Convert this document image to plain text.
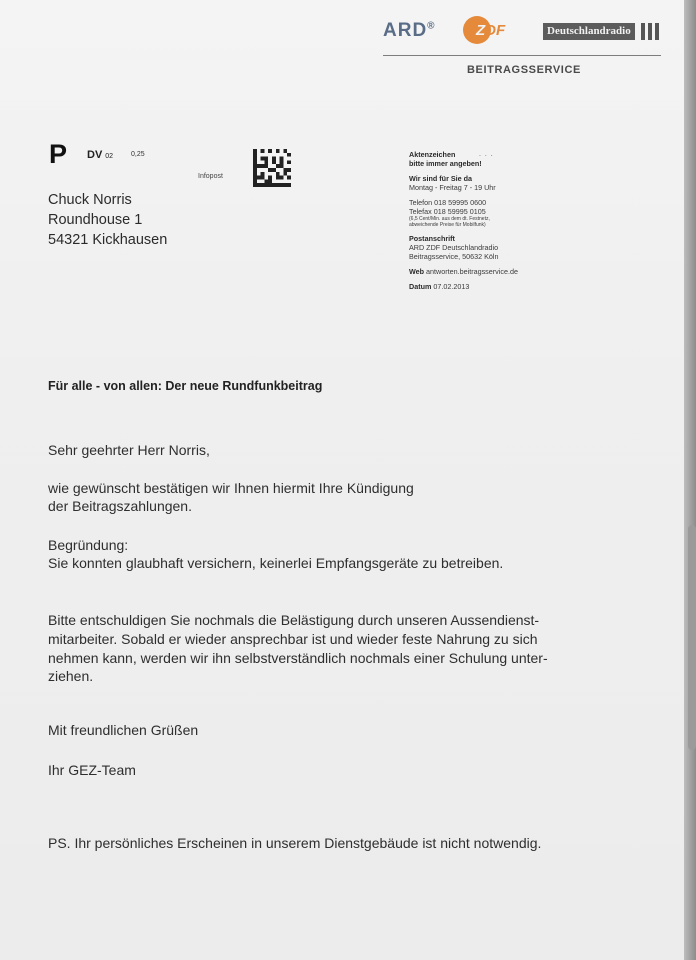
ARD®	ZDF	Deutschlandradio
BEITRAGSSERVICE
P DV 02	0,25
Infopost
Chuck Norris
Roundhouse 1
54321 Kickhausen
. . .
Aktenzeichen
bitte immer angeben!
Wir sind für Sie da
Montag - Freitag 7 - 19 Uhr
Telefon 018 59995 0600
Telefax 018 59995 0105
(6,5 Cent/Min. aus dem dt. Festnetz,
abweichende Preise für Mobilfunk)
Postanschrift
ARD ZDF Deutschlandradio
Beitragsservice, 50632 Köln
Web antworten.beitragsservice.de
Datum 07.02.2013
Für alle - von allen: Der neue Rundfunkbeitrag
Sehr geehrter Herr Norris,
wie gewünscht bestätigen wir Ihnen hiermit Ihre Kündigung
der Beitragszahlungen.
Begründung:
Sie konnten glaubhaft versichern, keinerlei Empfangsgeräte zu betreiben.
Bitte entschuldigen Sie nochmals die Belästigung durch unseren Aussendienst-
mitarbeiter. Sobald er wieder ansprechbar ist und wieder feste Nahrung zu sich
nehmen kann, werden wir ihn selbstverständlich nochmals einer Schulung unter-
ziehen.
Mit freundlichen Grüßen
Ihr GEZ-Team
PS. Ihr persönliches Erscheinen in unserem Dienstgebäude ist nicht notwendig.
